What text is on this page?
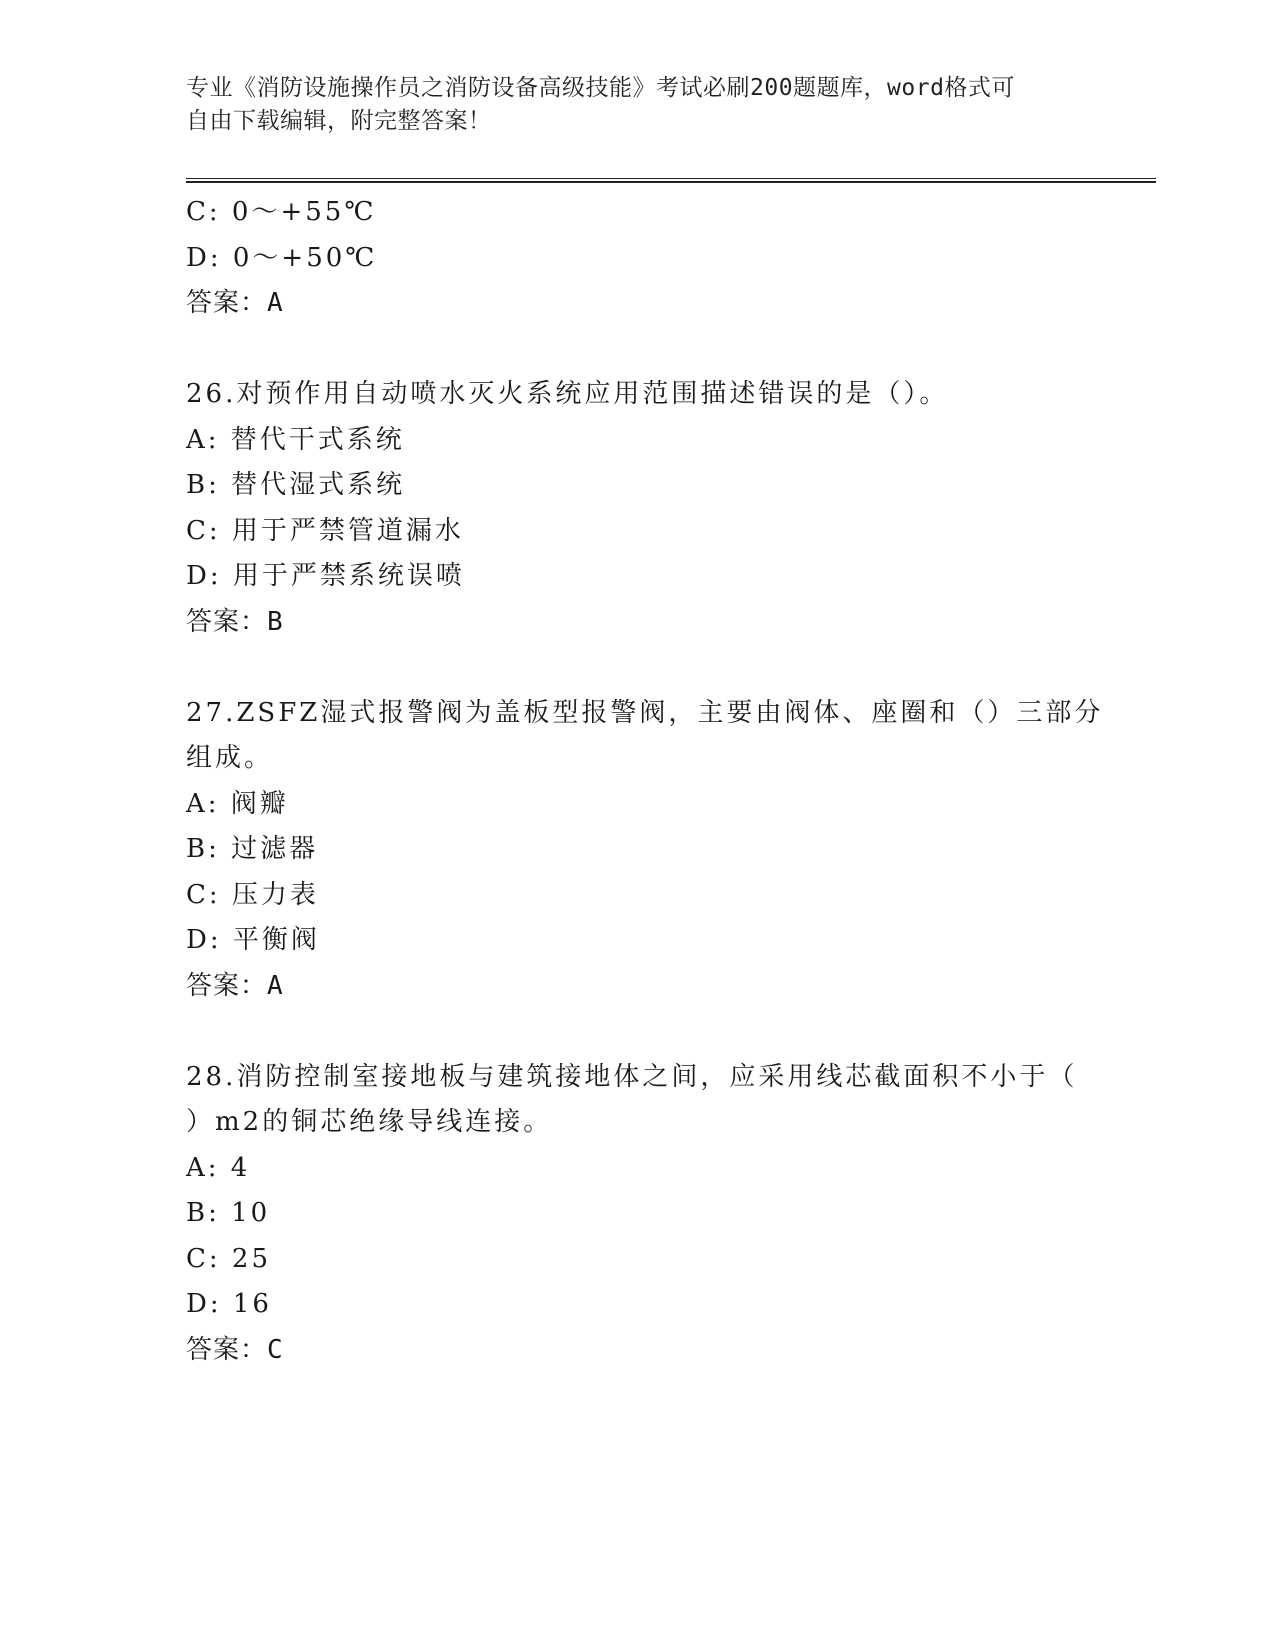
专业《消防设施操作员之消防设备高级技能》考试必刷200题题库，word格式可
自由下载编辑，附完整答案！
C: 0～+55℃
D: 0～+50℃
答案：A
26.对预作用自动喷水灭火系统应用范围描述错误的是（）。
A: 替代干式系统
B: 替代湿式系统
C: 用于严禁管道漏水
D: 用于严禁系统误喷
答案：B
27.ZSFZ湿式报警阀为盖板型报警阀，主要由阀体、座圈和（）三部分
组成。
A: 阀瓣
B: 过滤器
C: 压力表
D: 平衡阀
答案：A
28.消防控制室接地板与建筑接地体之间，应采用线芯截面积不小于（
）m2的铜芯绝缘导线连接。
A: 4
B: 10
C: 25
D: 16
答案：C
